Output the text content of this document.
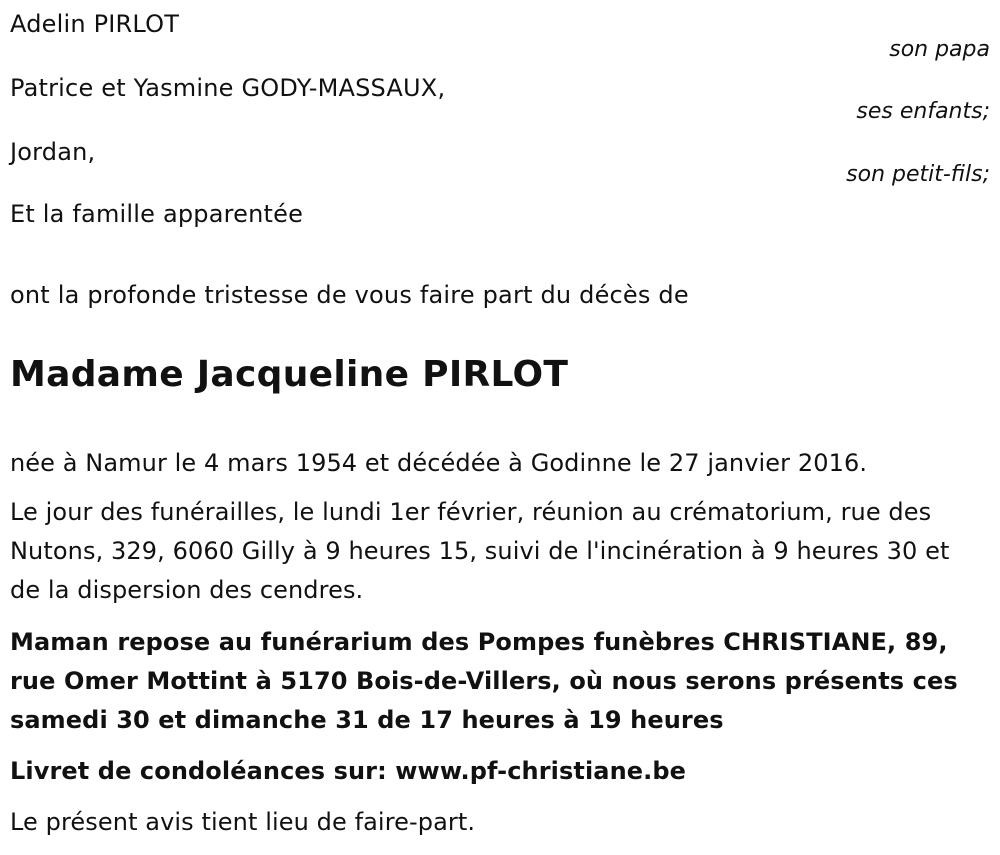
Adelin PIRLOT
son papa
Patrice et Yasmine GODY-MASSAUX,
ses enfants;
Jordan,
son petit-fils;
Et la famille apparentée
ont la profonde tristesse de vous faire part du décès de
Madame Jacqueline PIRLOT
née à Namur le 4 mars 1954 et décédée à Godinne le 27 janvier 2016.
Le jour des funérailles, le lundi 1er février, réunion au crématorium, rue des Nutons, 329, 6060 Gilly à 9 heures 15, suivi de l'incinération à 9 heures 30 et de la dispersion des cendres.
Maman repose au funérarium des Pompes funèbres CHRISTIANE, 89, rue Omer Mottint à 5170 Bois-de-Villers, où nous serons présents ces samedi 30 et dimanche 31 de 17 heures à 19 heures
Livret de condoléances sur: www.pf-christiane.be
Le présent avis tient lieu de faire-part.
